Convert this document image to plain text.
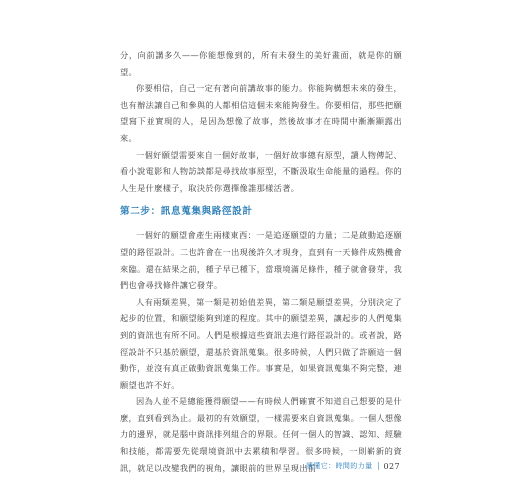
分，向前講多久——你能想像到的，所有未發生的美好畫面，就是你的願望。

你要相信，自己一定有著向前講故事的能力。你能夠構想未來的發生，也有辦法讓自己和參與的人都相信這個未來能夠發生。你要相信，那些把願望寫下並實現的人，是因為想像了故事，然後故事才在時間中漸漸顯露出來。

一個好願望需要來自一個好故事，一個好故事總有原型，讀人物傳記、看小說電影和人物訪談都是尋找故事原型，不斷汲取生命能量的過程。你的人生是什麼樣子，取決於你選擇像誰那樣活著。

第二步：訊息蒐集與路徑設計

一個好的願望會產生兩樣東西：一是追逐願望的力量；二是啟動追逐願望的路徑設計。二也許會在一出現後許久才現身，直到有一天條件成熟機會來臨。還在結果之前，種子早已種下，當環境滿足條件，種子就會發芽，我們也會尋找條件讓它發芽。

人有兩類差異，第一類是初始值差異，第二類是願望差異，分別決定了起步的位置，和願望能夠到達的程度。其中的願望差異，讓起步的人們蒐集到的資訊也有所不同。人們是根據這些資訊去進行路徑設計的。或者說，路徑設計不只基於願望，還基於資訊蒐集。很多時候，人們只做了許願這一個動作，並沒有真正啟動資訊蒐集工作。事實是，如果資訊蒐集不夠完整，連願望也許不好。

因為人並不是總能獲得願望——有時候人們確實不知道自己想要的是什麼，直到看到為止。最初的有效願望，一樣需要來自資訊蒐集。一個人想像力的邊界，就是腦中資訊排列組合的界限。任何一個人的智識、認知、經驗和技能，都需要先從環境資訊中去累積和學習。很多時候，一則嶄新的資訊，就足以改變我們的視角，讓眼前的世界呈現出前

讀懂它：時間的力量 027
